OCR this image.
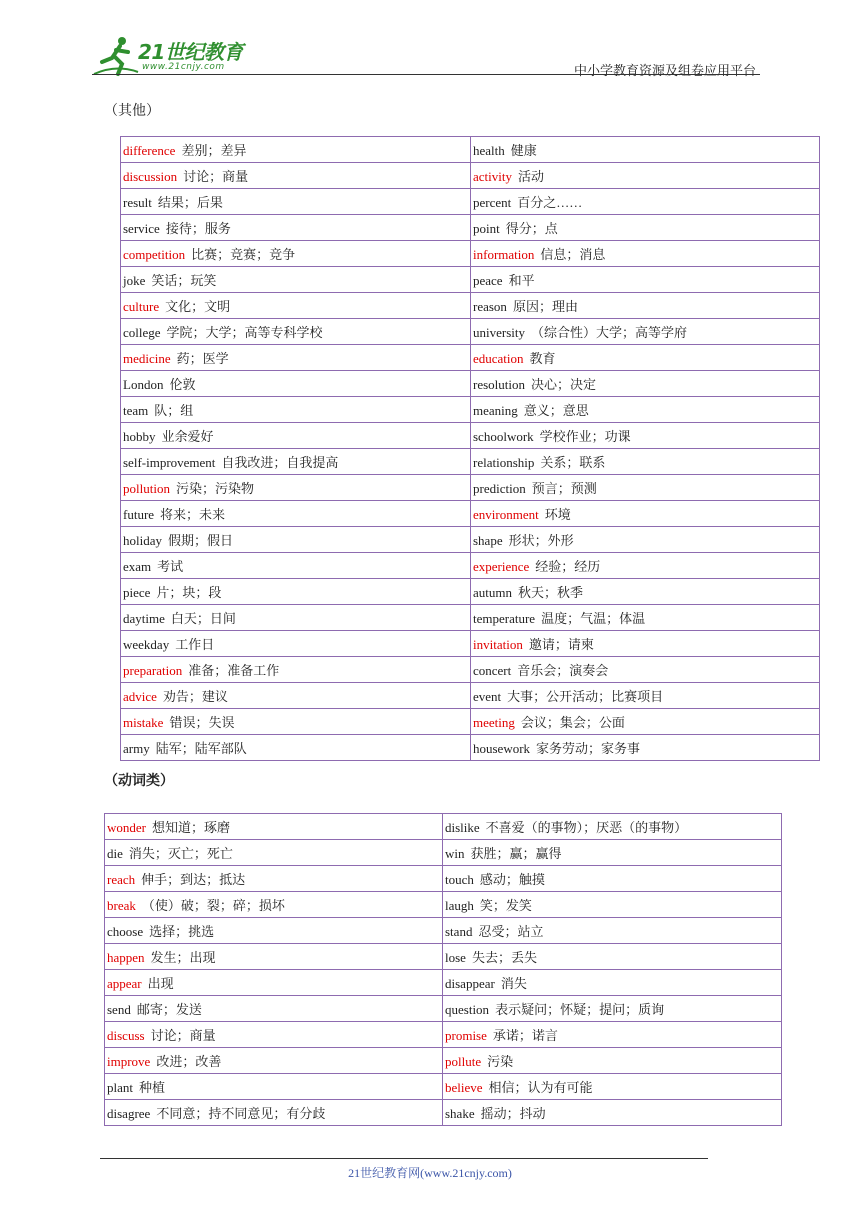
21世纪教育
www.21cnjy.com	中小学教育资源及组卷应用平台
（其他）
difference 差别；差异	health 健康
discussion 讨论；商量	activity 活动
result 结果；后果	percent 百分之……
service 接待；服务	point 得分；点
competition 比赛；竞赛；竞争	information 信息；消息
joke 笑话；玩笑	peace 和平
culture 文化；文明	reason 原因；理由
college 学院；大学；高等专科学校	university （综合性）大学；高等学府
medicine 药；医学	education 教育
London 伦敦	resolution 决心；决定
team 队；组	meaning 意义；意思
hobby 业余爱好	schoolwork 学校作业；功课
self-improvement 自我改进；自我提高	relationship 关系；联系
pollution 污染；污染物	prediction 预言；预测
future 将来；未来	environment 环境
holiday 假期；假日	shape 形状；外形
exam 考试	experience 经验；经历
piece 片；块；段	autumn 秋天；秋季
daytime 白天；日间	temperature 温度；气温；体温
weekday 工作日	invitation 邀请；请柬
preparation 准备；准备工作	concert 音乐会；演奏会
advice 劝告；建议	event 大事；公开活动；比赛项目
mistake 错误；失误	meeting 会议；集会；公面
army 陆军；陆军部队	housework 家务劳动；家务事
（动词类）
wonder 想知道；琢磨	dislike 不喜爱（的事物）；厌恶（的事物）
die 消失；灭亡；死亡	win 获胜；赢；赢得
reach 伸手；到达；抵达	touch 感动；触摸
break （使）破；裂；碎；损坏	laugh 笑；发笑
choose 选择；挑选	stand 忍受；站立
happen 发生；出现	lose 失去；丢失
appear 出现	disappear 消失
send 邮寄；发送	question 表示疑问；怀疑；提问；质询
discuss 讨论；商量	promise 承诺；诺言
improve 改进；改善	pollute 污染
plant 种植	believe 相信；认为有可能
disagree 不同意；持不同意见；有分歧	shake 摇动；抖动
21世纪教育网(www.21cnjy.com)
